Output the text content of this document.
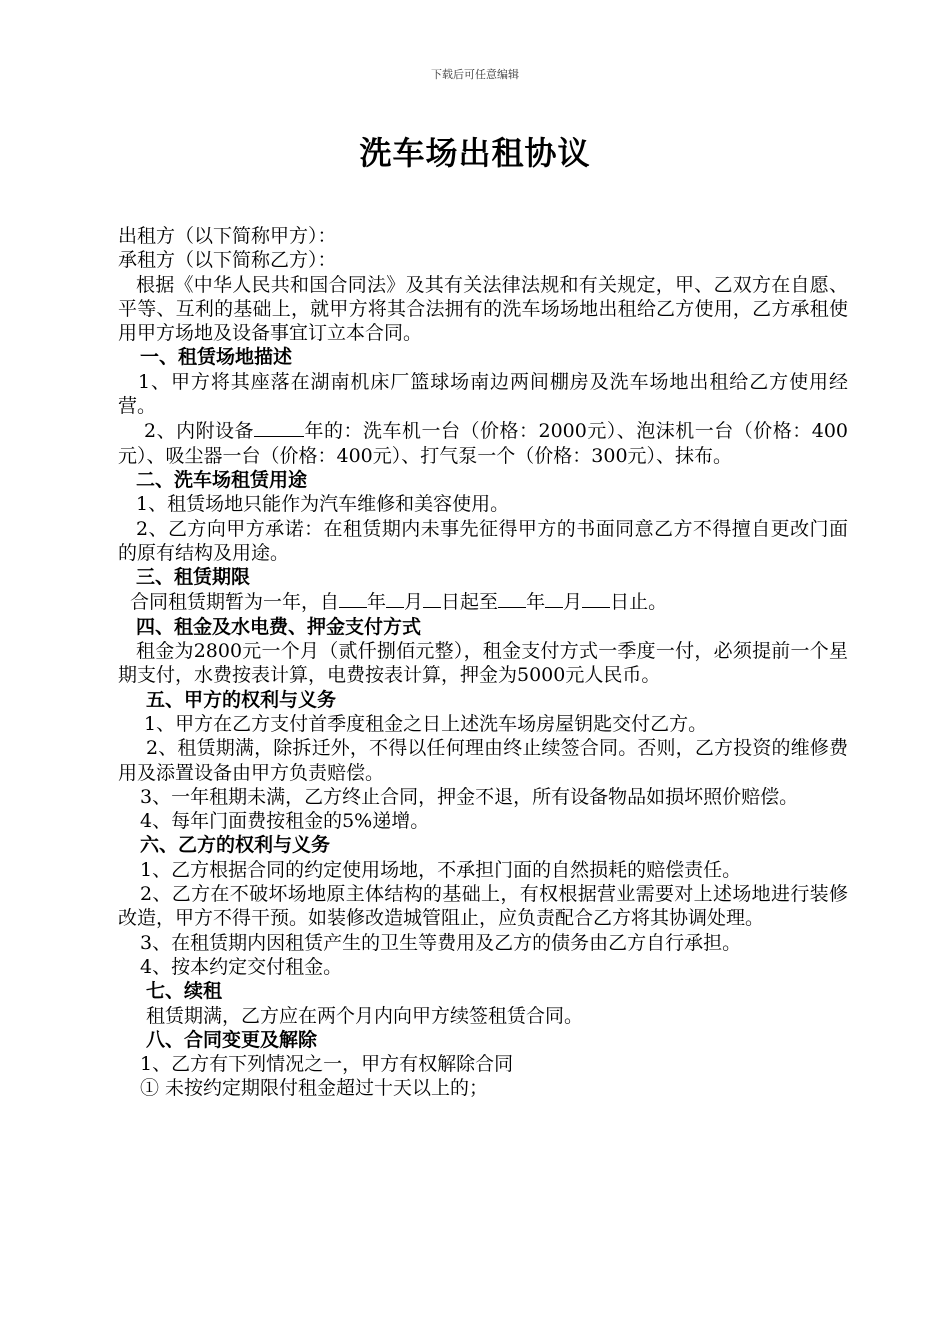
下载后可任意编辑
洗车场出租协议
出租方（以下简称甲方）：
承租方（以下简称乙方）：
根据《中华人民共和国合同法》及其有关法律法规和有关规定，甲、乙双方在自愿、平等、互利的基础上，就甲方将其合法拥有的洗车场场地出租给乙方使用，乙方承租使用甲方场地及设备事宜订立本合同。
一、租赁场地描述
1、甲方将其座落在湖南机床厂篮球场南边两间棚房及洗车场地出租给乙方使用经营。
2、内附设备	年的：洗车机一台（价格：2000元）、泡沫机一台（价格：400元）、吸尘器一台（价格：400元）、打气泵一个（价格：300元）、抹布。
二、洗车场租赁用途
1、租赁场地只能作为汽车维修和美容使用。
2、乙方向甲方承诺：在租赁期内未事先征得甲方的书面同意乙方不得擅自更改门面的原有结构及用途。
三、租赁期限
合同租赁期暂为一年，自 年 月 日起至 年 月 日止。
四、租金及水电费、押金支付方式
租金为2800元一个月（贰仟捌佰元整），租金支付方式一季度一付，必须提前一个星期支付，水费按表计算，电费按表计算，押金为5000元人民币。
五、甲方的权利与义务
1、甲方在乙方支付首季度租金之日上述洗车场房屋钥匙交付乙方。
2、租赁期满，除拆迁外，不得以任何理由终止续签合同。否则，乙方投资的维修费用及添置设备由甲方负责赔偿。
3、一年租期未满，乙方终止合同，押金不退，所有设备物品如损坏照价赔偿。
4、每年门面费按租金的5%递增。
六、乙方的权利与义务
1、乙方根据合同的约定使用场地，不承担门面的自然损耗的赔偿责任。
2、乙方在不破坏场地原主体结构的基础上，有权根据营业需要对上述场地进行装修改造，甲方不得干预。如装修改造城管阻止，应负责配合乙方将其协调处理。
3、在租赁期内因租赁产生的卫生等费用及乙方的债务由乙方自行承担。
4、按本约定交付租金。
七、续租
租赁期满，乙方应在两个月内向甲方续签租赁合同。
八、合同变更及解除
1、乙方有下列情况之一，甲方有权解除合同
① 未按约定期限付租金超过十天以上的；
